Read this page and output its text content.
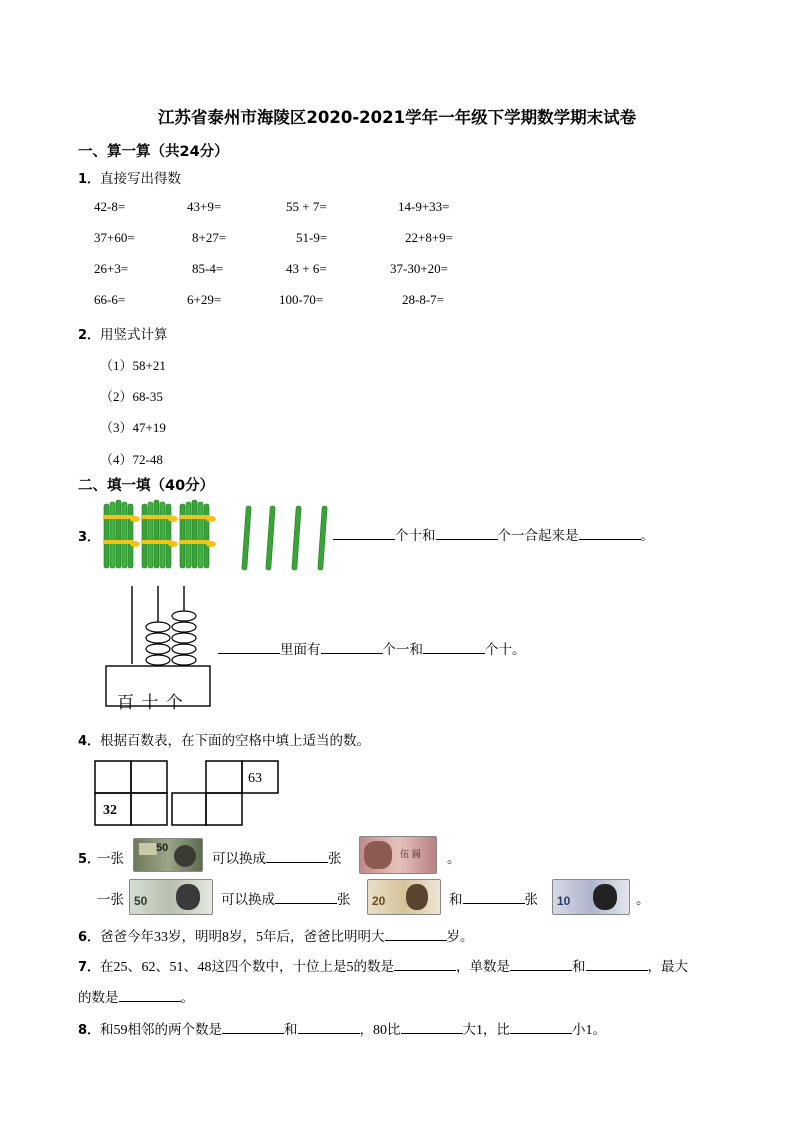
江苏省泰州市海陵区2020-2021学年一年级下学期数学期末试卷
一、算一算（共24分）
1．直接写出得数
42-8=	43+9=	55 + 7=	14-9+33=
37+60=	8+27=	51-9=	22+8+9=
26+3=	85-4=	43 + 6=	37-30+20=
66-6=	6+29=	100-70=	28-8-7=
2．用竖式计算
（1）58+21
（2）68-35
（3）47+19
（4）72-48
二、填一填（40分）
3．	个十和	个一合起来是	。
百 十 个
里面有	个一和	个十。
4．根据百数表，在下面的空格中填上适当的数。
63
32
5．
一张
50
可以换成	张	伍 圆 。
一张 50	可以换成	张 20	和	张 10	。
6．爸爸今年33岁，明明8岁，5年后，爸爸比明明大	岁。
7．在25、62、51、48这四个数中，十位上是5的数是	，单数是	和	，最大
的数是	。
8．和59相邻的两个数是	和	，80比	大1，比	小1。
